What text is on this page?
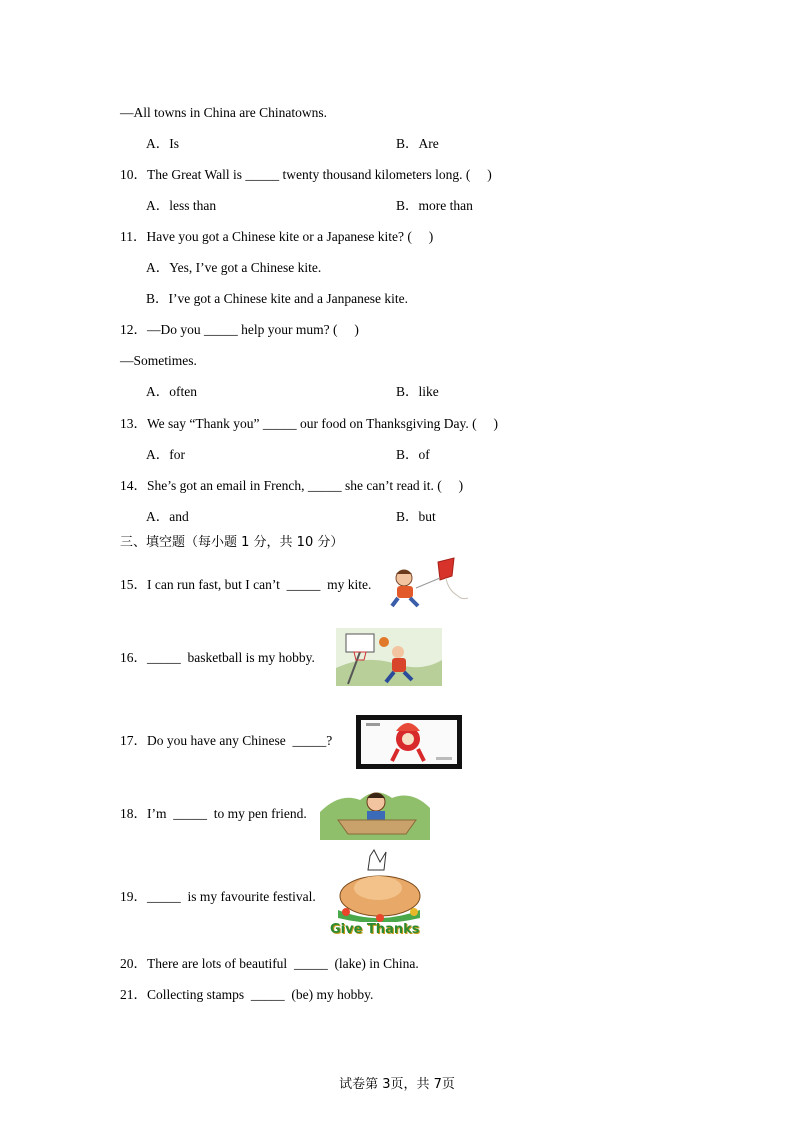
—All towns in China are Chinatowns.
A．Is	B．Are
10．The Great Wall is _____ twenty thousand kilometers long. (     )
A．less than	B．more than
11．Have you got a Chinese kite or a Japanese kite? (     )
A．Yes, I’ve got a Chinese kite.
B．I’ve got a Chinese kite and a Janpanese kite.
12．—Do you _____ help your mum? (     )
—Sometimes.
A．often	B．like
13．We say “Thank you” _____ our food on Thanksgiving Day. (     )
A．for	B．of
14．She’s got an email in French, _____ she can’t read it. (     )
A．and	B．but
三、填空题（每小题 1 分，共 10 分）
15．I can run fast, but I can’t  _____  my kite.
16．_____  basketball is my hobby.
17．Do you have any Chinese  _____?
18．I’m  _____  to my pen friend.
19．_____  is my favourite festival.
Give Thanks
20．There are lots of beautiful  _____  (lake) in China.
21．Collecting stamps  _____  (be) my hobby.
试卷第 3页，共 7页
